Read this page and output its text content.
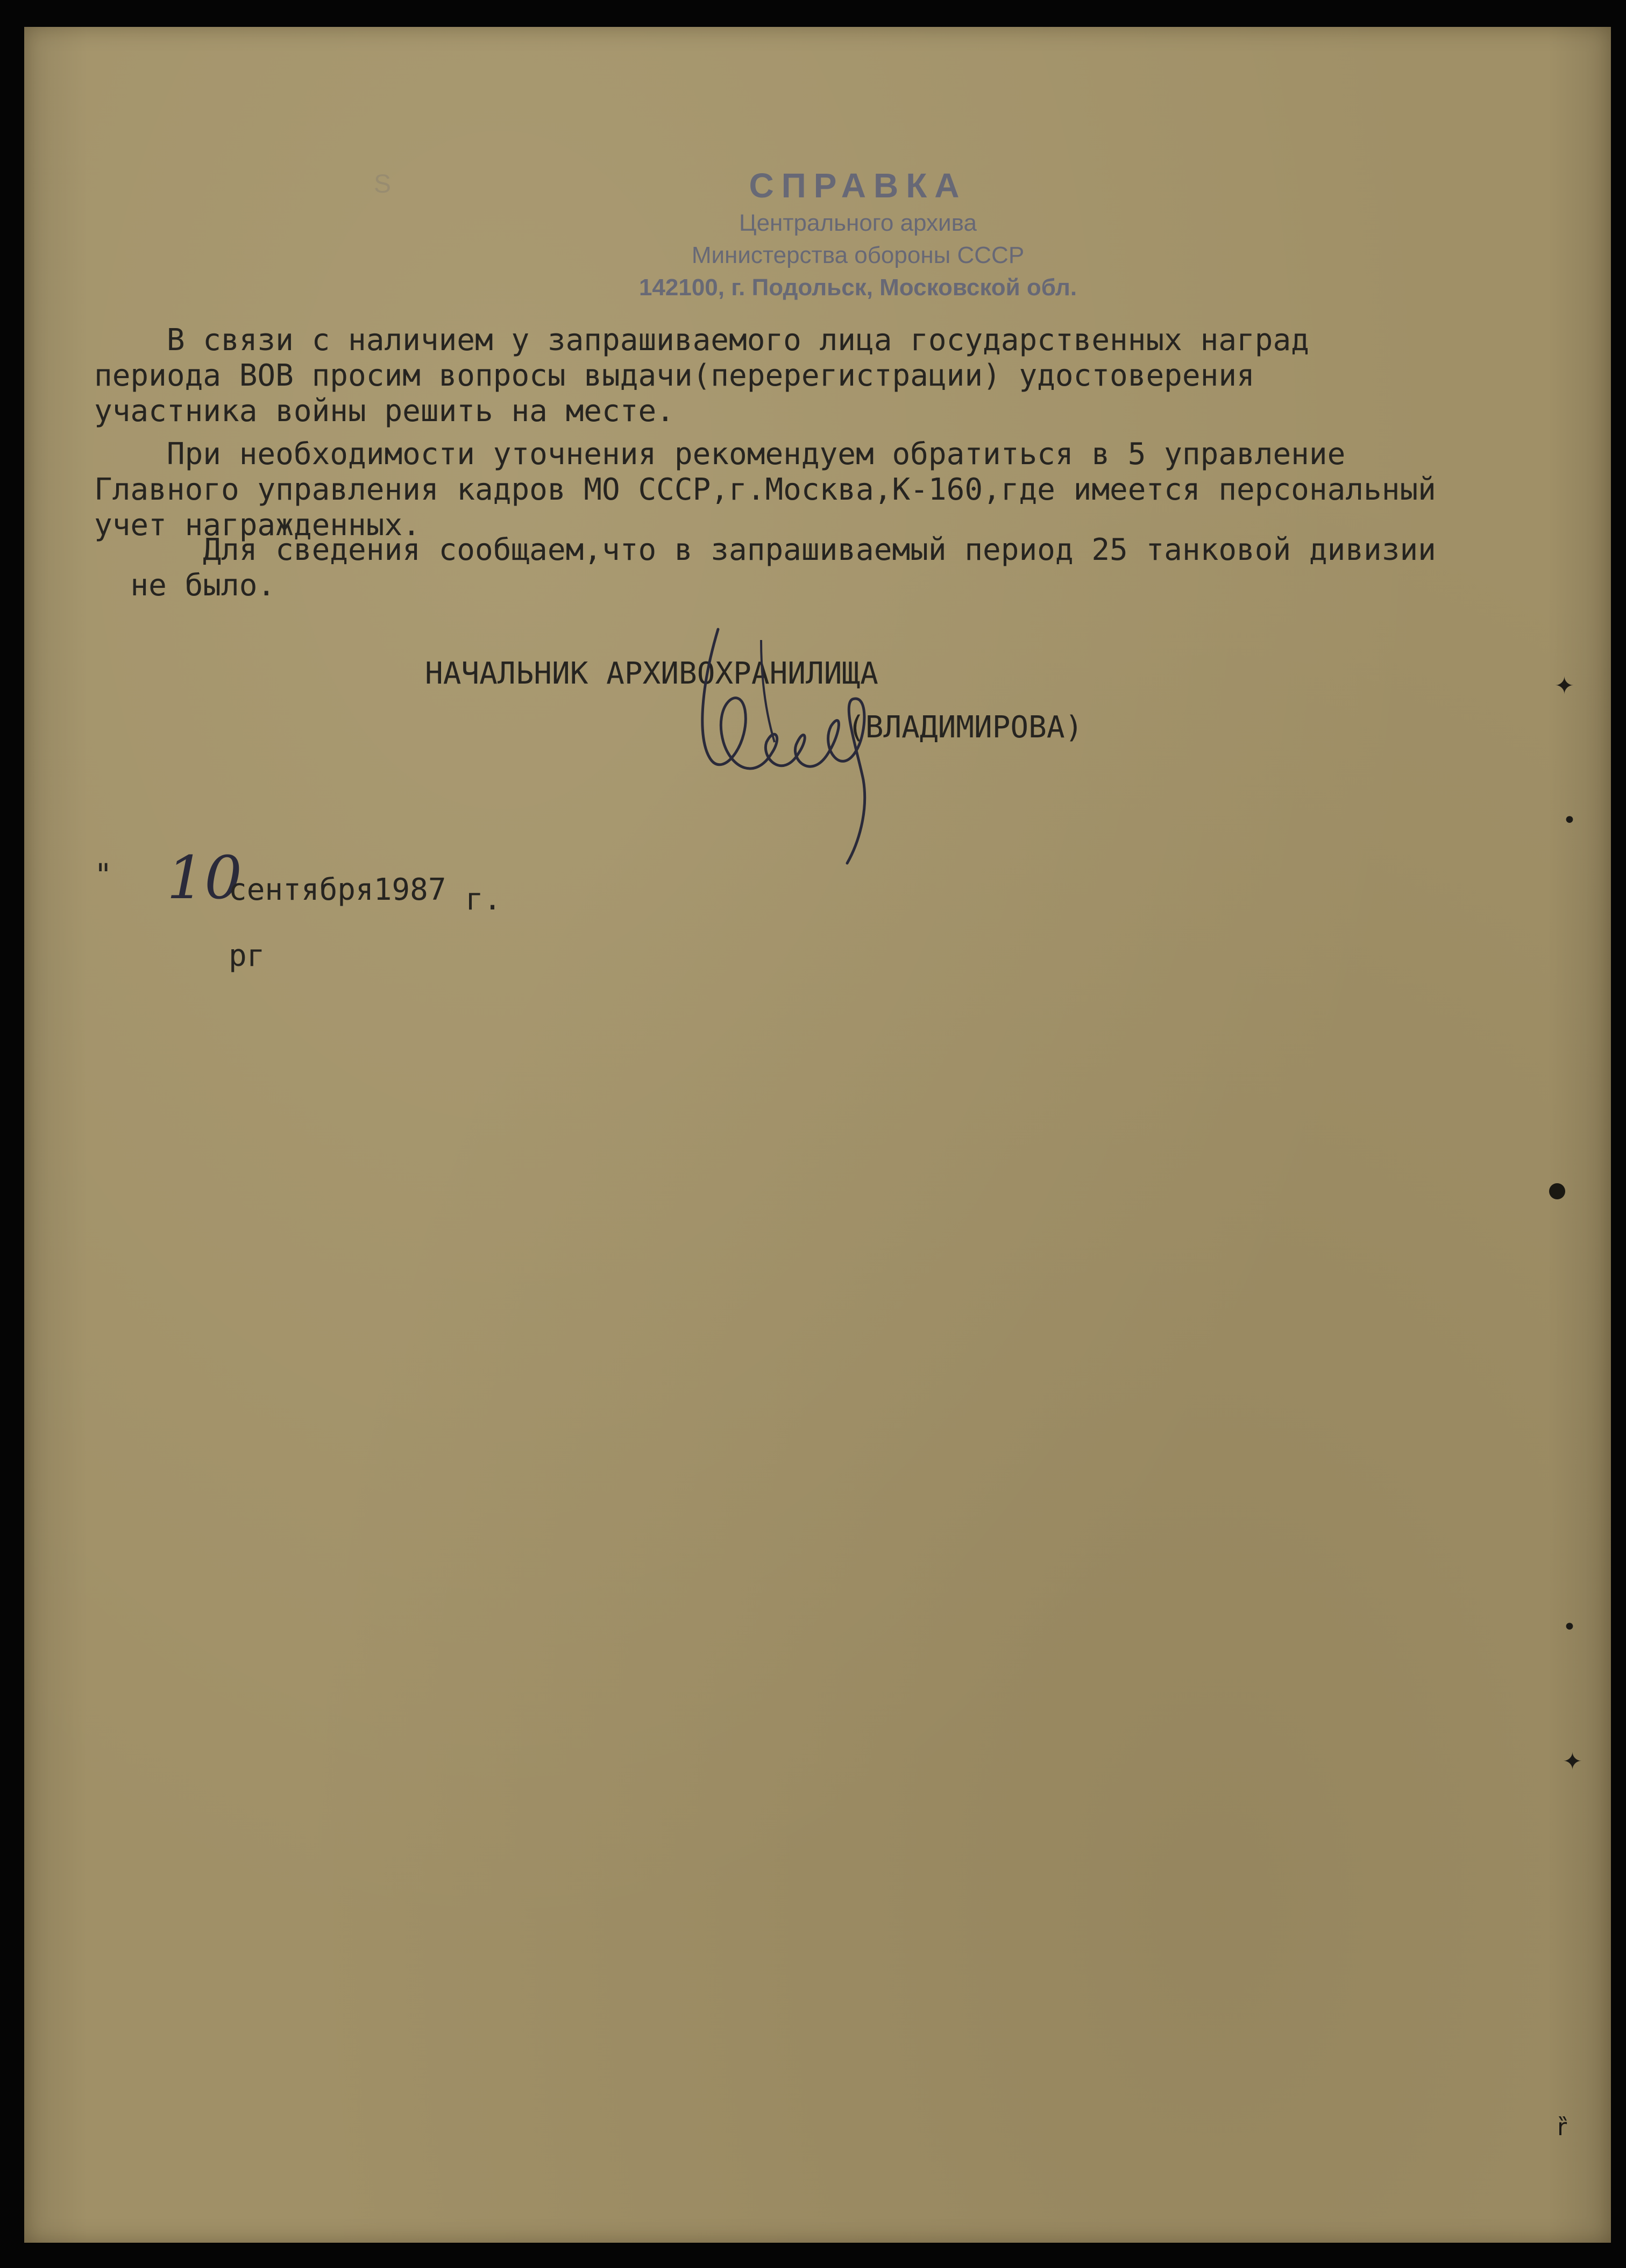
S	СПРАВКА
Центрального архива
Министерства обороны СССР
142100, г. Подольск, Московской обл.
В связи с наличием у запрашиваемого лица государственных наград
периода ВОВ просим вопросы выдачи(перерегистрации) удостоверения
участника войны решить на месте.
При необходимости уточнения рекомендуем обратиться в 5 управление
Главного управления кадров МО СССР,г.Москва,К-160,где имеется персональный
учет награжденных.
Для сведения сообщаем,что в запрашиваемый период 25 танковой дивизии
не было.
НАЧАЛЬНИК АРХИВОХРАНИЛИЩА
(ВЛАДИМИРОВА)
" 10
сентября1987 г.
рг
✦
•
•
✦
ȑ
